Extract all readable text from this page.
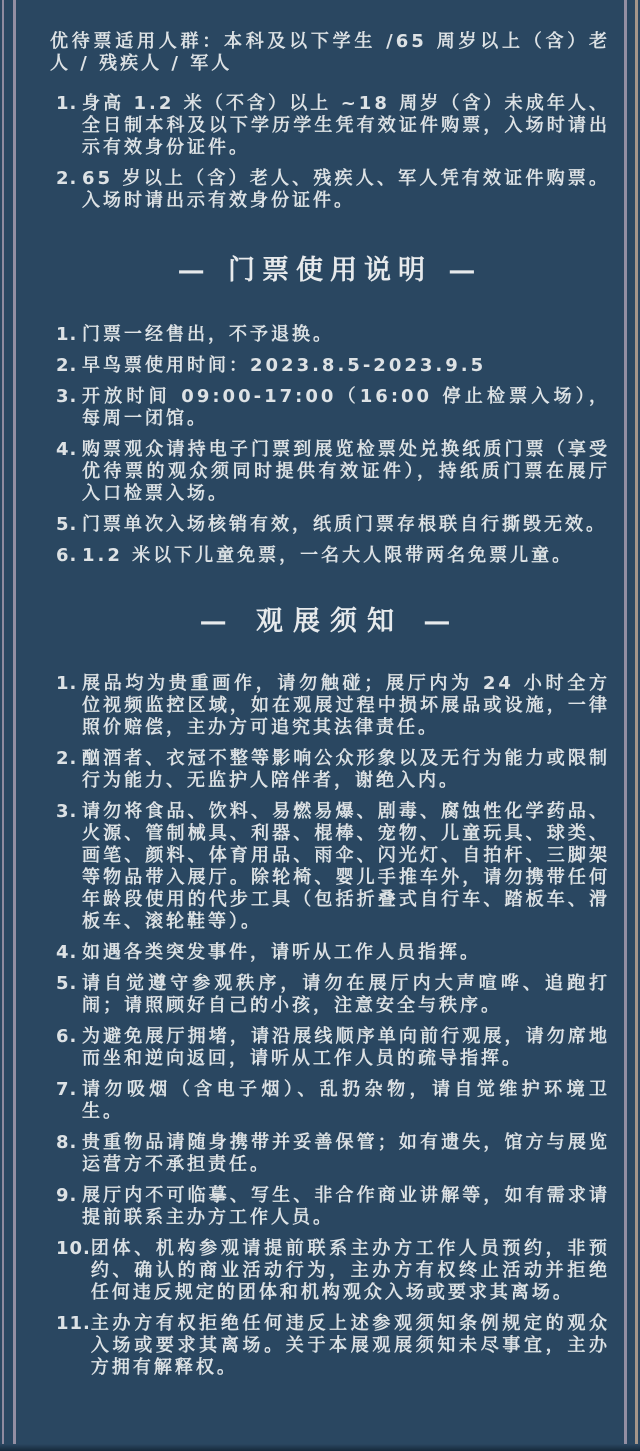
优待票适用人群：本科及以下学生 /65 周岁以上（含）老人 / 残疾人 / 军人

1. 身高 1.2 米（不含）以上 ~18 周岁（含）未成年人、全日制本科及以下学历学生凭有效证件购票，入场时请出示有效身份证件。
2. 65 岁以上（含）老人、残疾人、军人凭有效证件购票。入场时请出示有效身份证件。
— 门票使用说明 —
1. 门票一经售出，不予退换。
2. 早鸟票使用时间：2023.8.5-2023.9.5
3. 开放时间 09:00-17:00（16:00 停止检票入场），每周一闭馆。
4. 购票观众请持电子门票到展览检票处兑换纸质门票（享受优待票的观众须同时提供有效证件），持纸质门票在展厅入口检票入场。
5. 门票单次入场核销有效，纸质门票存根联自行撕毁无效。
6. 1.2 米以下儿童免票，一名大人限带两名免票儿童。
— 观展须知 —
1. 展品均为贵重画作，请勿触碰；展厅内为 24 小时全方位视频监控区域，如在观展过程中损坏展品或设施，一律照价赔偿，主办方可追究其法律责任。
2. 酗酒者、衣冠不整等影响公众形象以及无行为能力或限制行为能力、无监护人陪伴者，谢绝入内。
3. 请勿将食品、饮料、易燃易爆、剧毒、腐蚀性化学药品、火源、管制械具、利器、棍棒、宠物、儿童玩具、球类、画笔、颜料、体育用品、雨伞、闪光灯、自拍杆、三脚架等物品带入展厅。除轮椅、婴儿手推车外，请勿携带任何年龄段使用的代步工具（包括折叠式自行车、踏板车、滑板车、滚轮鞋等）。
4. 如遇各类突发事件，请听从工作人员指挥。
5. 请自觉遵守参观秩序，请勿在展厅内大声喧哗、追跑打闹；请照顾好自己的小孩，注意安全与秩序。
6. 为避免展厅拥堵，请沿展线顺序单向前行观展，请勿席地而坐和逆向返回，请听从工作人员的疏导指挥。
7. 请勿吸烟（含电子烟）、乱扔杂物，请自觉维护环境卫生。
8. 贵重物品请随身携带并妥善保管；如有遗失，馆方与展览运营方不承担责任。
9. 展厅内不可临摹、写生、非合作商业讲解等，如有需求请提前联系主办方工作人员。
10. 团体、机构参观请提前联系主办方工作人员预约，非预约、确认的商业活动行为，主办方有权终止活动并拒绝任何违反规定的团体和机构观众入场或要求其离场。
11. 主办方有权拒绝任何违反上述参观须知条例规定的观众入场或要求其离场。关于本展观展须知未尽事宜，主办方拥有解释权。
